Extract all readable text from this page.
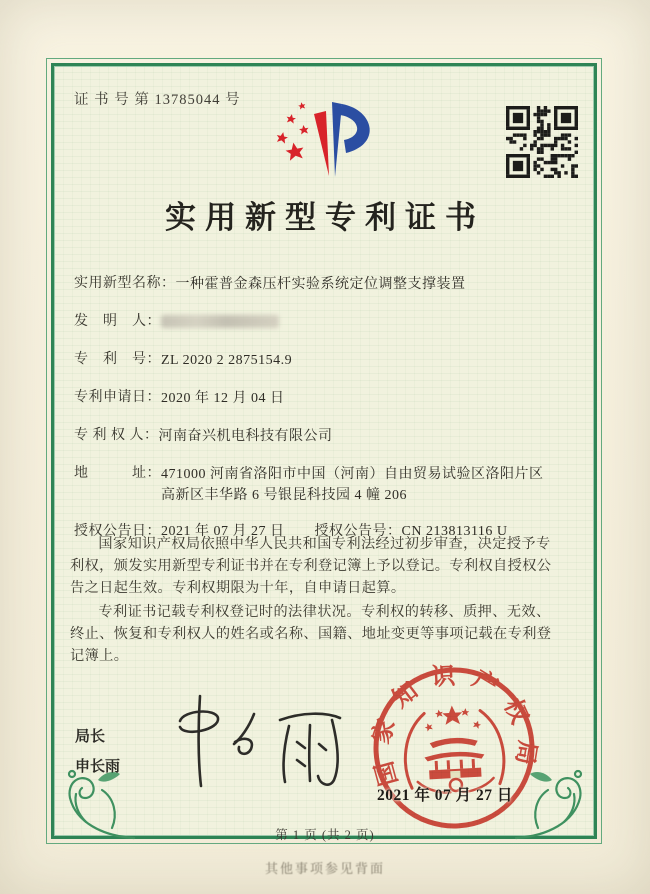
证 书 号 第 13785044 号
实用新型专利证书
实用新型名称： 一种霍普金森压杆实验系统定位调整支撑装置
发　明　人：
专　利　号： ZL 2020 2 2875154.9
专利申请日： 2020 年 12 月 04 日
专 利 权 人： 河南奋兴机电科技有限公司
地　　　址： 471000 河南省洛阳市中国（河南）自由贸易试验区洛阳片区高新区丰华路 6 号银昆科技园 4 幢 206
授权公告日： 2021 年 07 月 27 日 授权公告号： CN 213813116 U

国家知识产权局依照中华人民共和国专利法经过初步审查，决定授予专利权，颁发实用新型专利证书并在专利登记簿上予以登记。专利权自授权公告之日起生效。专利权期限为十年，自申请日起算。

专利证书记载专利权登记时的法律状况。专利权的转移、质押、无效、终止、恢复和专利权人的姓名或名称、国籍、地址变更等事项记载在专利登记簿上。

局长
申长雨	国家知识产权局
2021 年 07 月 27 日
第 1 页 (共 2 页)
其他事项参见背面
